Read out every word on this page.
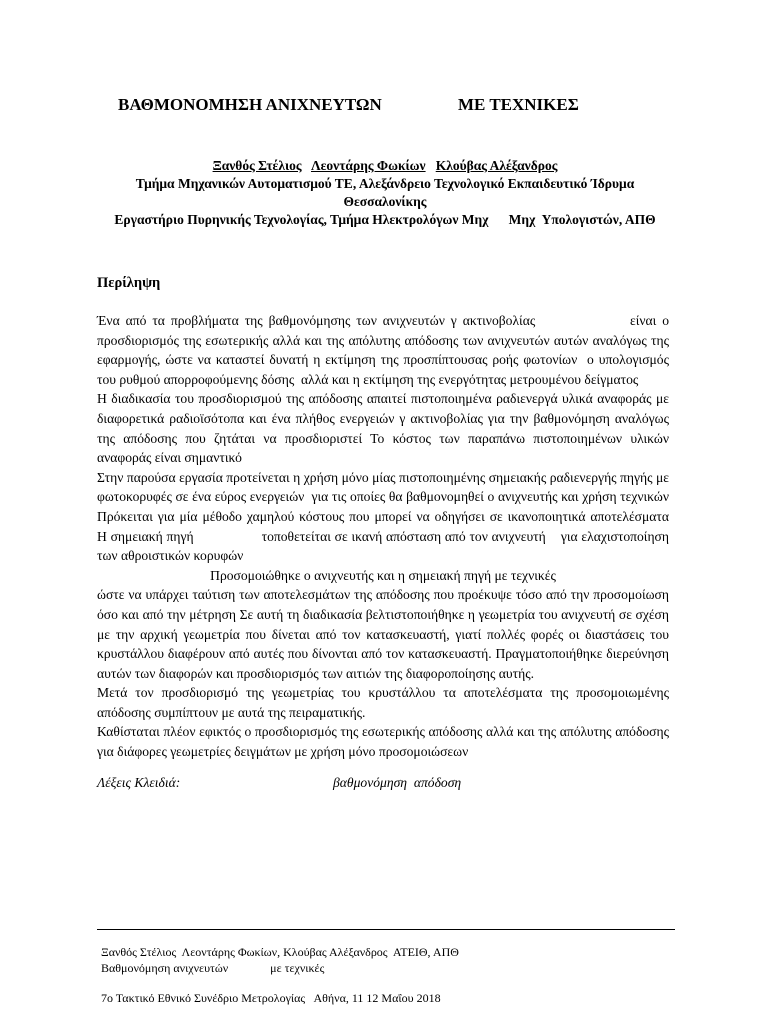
ΒΑΘΜΟΝΟΜΗΣΗ ΑΝΙΧΝΕΥΤΩΝ	ΜΕ ΤΕΧΝΙΚΕΣ
Ξανθός Στέλιος Λεοντάρης Φωκίων Κλούβας Αλέξανδρος
Τμήμα Μηχανικών Αυτοματισμού ΤΕ, Αλεξάνδρειο Τεχνολογικό Εκπαιδευτικό Ίδρυμα Θεσσαλονίκης
Εργαστήριο Πυρηνικής Τεχνολογίας, Τμήμα Ηλεκτρολόγων Μηχ      Μηχ  Υπολογιστών, ΑΠΘ
Περίληψη

Ένα από τα προβλήματα της βαθμονόμησης των ανιχνευτών γ ακτινοβολίας                είναι ο προσδιορισμός της εσωτερικής αλλά και της απόλυτης απόδοσης των ανιχνευτών αυτών αναλόγως της εφαρμογής, ώστε να καταστεί δυνατή η εκτίμηση της προσπίπτουσας ροής φωτονίων  ο υπολογισμός του ρυθμού απορροφούμενης δόσης  αλλά και η εκτίμηση της ενεργότητας μετρουμένου δείγματος

Η διαδικασία του προσδιορισμού της απόδοσης απαιτεί πιστοποιημένα ραδιενεργά υλικά αναφοράς με διαφορετικά ραδιοϊσότοπα και ένα πλήθος ενεργειών γ ακτινοβολίας για την βαθμονόμηση αναλόγως της απόδοσης που ζητάται να προσδιοριστεί Το κόστος των παραπάνω πιστοποιημένων υλικών αναφοράς είναι σημαντικό

Στην παρούσα εργασία προτείνεται η χρήση μόνο μίας πιστοποιημένης σημειακής ραδιενεργής πηγής με φωτοκορυφές σε ένα εύρος ενεργειών  για τις οποίες θα βαθμονομηθεί ο ανιχνευτής και χρήση τεχνικών                    Πρόκειται για μία μέθοδο χαμηλού κόστους που μπορεί να οδηγήσει σε ικανοποιητικά αποτελέσματα   Η σημειακή πηγή                  τοποθετείται σε ικανή απόσταση από τον ανιχνευτή    για ελαχιστοποίηση των αθροιστικών κορυφών

Προσομοιώθηκε ο ανιχνευτής και η σημειακή πηγή με τεχνικές

ώστε να υπάρχει ταύτιση των αποτελεσμάτων της απόδοσης που προέκυψε τόσο από την προσομοίωση όσο και από την μέτρηση Σε αυτή τη διαδικασία βελτιστοποιήθηκε η γεωμετρία του ανιχνευτή σε σχέση με την αρχική γεωμετρία που δίνεται από τον κατασκευαστή, γιατί πολλές φορές οι διαστάσεις του κρυστάλλου διαφέρουν από αυτές που δίνονται από τον κατασκευαστή. Πραγματοποιήθηκε διερεύνηση αυτών των διαφορών και προσδιορισμός των αιτιών της διαφοροποίησης αυτής.

Μετά τον προσδιορισμό της γεωμετρίας του κρυστάλλου τα αποτελέσματα της προσομοιωμένης απόδοσης συμπίπτουν με αυτά της πειραματικής.

Καθίσταται πλέον εφικτός ο προσδιορισμός της εσωτερικής απόδοσης αλλά και της απόλυτης απόδοσης για διάφορες γεωμετρίες δειγμάτων με χρήση μόνο προσομοιώσεων

Λέξεις Κλειδιά:	βαθμονόμηση  απόδοση
Ξανθός Στέλιος  Λεοντάρης Φωκίων, Κλούβας Αλέξανδρος  ΑΤΕΙΘ, ΑΠΘ
Βαθμονόμηση ανιχνευτών              με τεχνικές
7ο Τακτικό Εθνικό Συνέδριο Μετρολογίας   Αθήνα, 11 12 Μαΐου 2018
